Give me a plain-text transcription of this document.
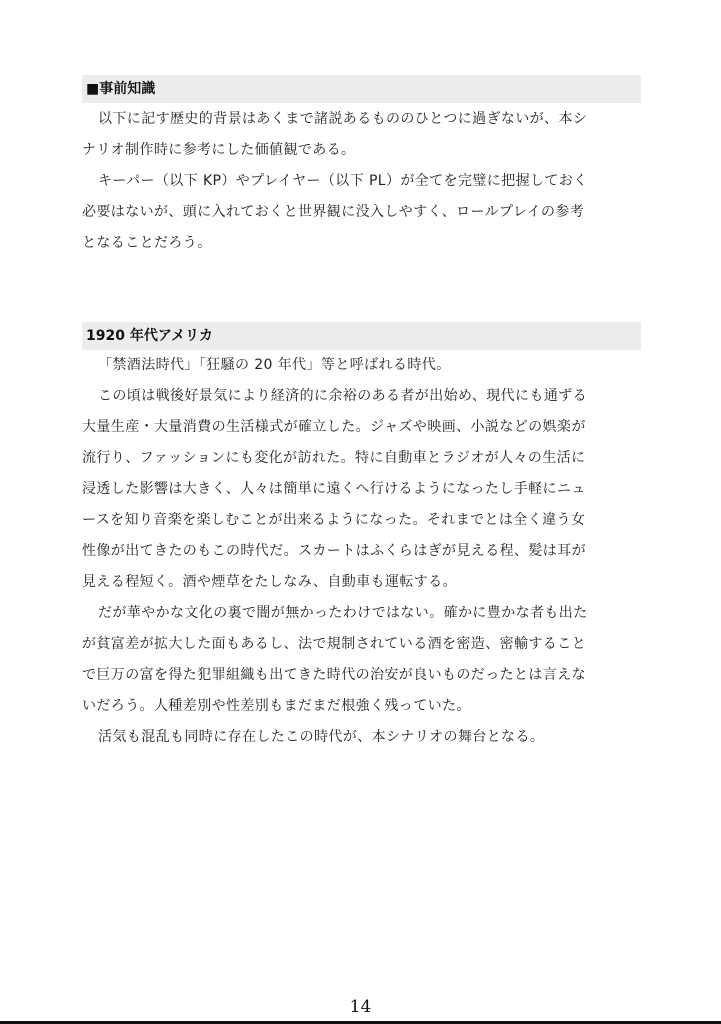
■事前知識
以下に記す歴史的背景はあくまで諸説あるもののひとつに過ぎないが、本シ
ナリオ制作時に参考にした価値観である。
キーパー（以下 KP）やプレイヤー（以下 PL）が全てを完璧に把握しておく
必要はないが、頭に入れておくと世界観に没入しやすく、ロールプレイの参考
となることだろう。
1920 年代アメリカ
「禁酒法時代」「狂騒の 20 年代」等と呼ばれる時代。
この頃は戦後好景気により経済的に余裕のある者が出始め、現代にも通ずる
大量生産・大量消費の生活様式が確立した。ジャズや映画、小説などの娯楽が
流行り、ファッションにも変化が訪れた。特に自動車とラジオが人々の生活に
浸透した影響は大きく、人々は簡単に遠くへ行けるようになったし手軽にニュ
ースを知り音楽を楽しむことが出来るようになった。それまでとは全く違う女
性像が出てきたのもこの時代だ。スカートはふくらはぎが見える程、髪は耳が
見える程短く。酒や煙草をたしなみ、自動車も運転する。
だが華やかな文化の裏で闇が無かったわけではない。確かに豊かな者も出た
が貧富差が拡大した面もあるし、法で規制されている酒を密造、密輸すること
で巨万の富を得た犯罪組織も出てきた時代の治安が良いものだったとは言えな
いだろう。人種差別や性差別もまだまだ根強く残っていた。
活気も混乱も同時に存在したこの時代が、本シナリオの舞台となる。
14
